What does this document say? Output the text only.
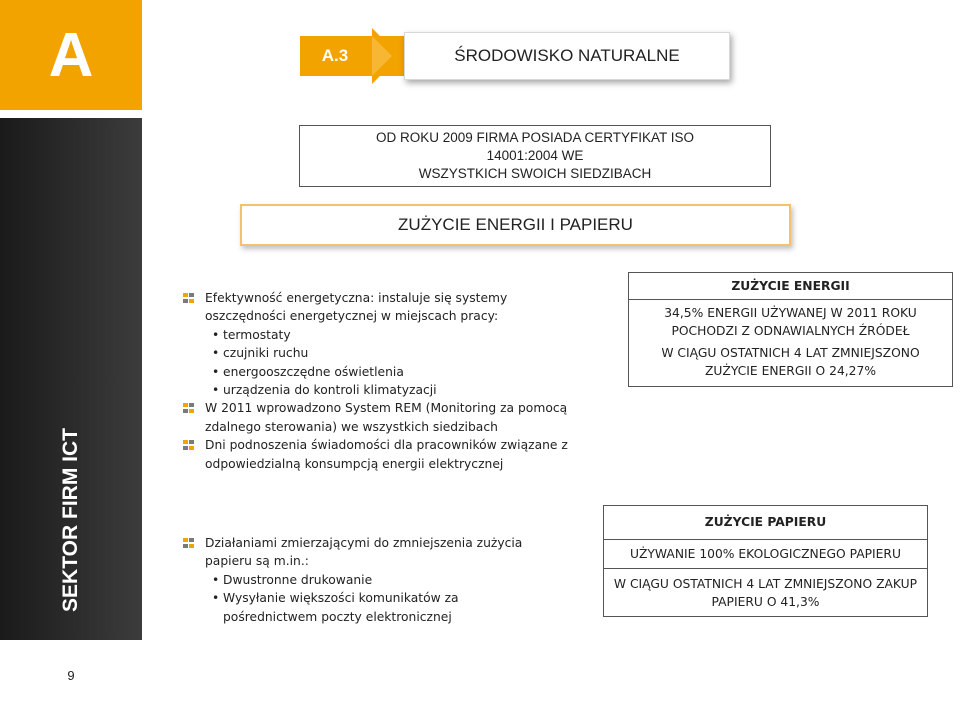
A
SEKTOR FIRM ICT
9
A.3	ŚRODOWISKO NATURALNE
OD ROKU 2009 FIRMA POSIADA CERTYFIKAT ISO 14001:2004 WE
WSZYSTKICH SWOICH SIEDZIBACH
ZUŻYCIE ENERGII I PAPIERU
Efektywność energetyczna: instaluje się systemy
oszczędności energetycznej w miejscach pracy:
• termostaty
• czujniki ruchu
• energooszczędne oświetlenia
• urządzenia do kontroli klimatyzacji
W 2011 wprowadzono System REM (Monitoring za pomocą
zdalnego sterowania) we wszystkich siedzibach
Dni podnoszenia świadomości dla pracowników związane z
odpowiedzialną konsumpcją energii elektrycznej
ZUŻYCIE ENERGII
34,5% ENERGII UŻYWANEJ W 2011 ROKU
POCHODZI Z ODNAWIALNYCH ŹRÓDEŁ
W CIĄGU OSTATNICH 4 LAT ZMNIEJSZONO
ZUŻYCIE ENERGII O 24,27%
Działaniami zmierzającymi do zmniejszenia zużycia
papieru są m.in.:
• Dwustronne drukowanie
• Wysyłanie większości komunikatów za
pośrednictwem poczty elektronicznej
ZUŻYCIE PAPIERU
UŻYWANIE 100% EKOLOGICZNEGO PAPIERU
W CIĄGU OSTATNICH 4 LAT ZMNIEJSZONO ZAKUP
PAPIERU O 41,3%
